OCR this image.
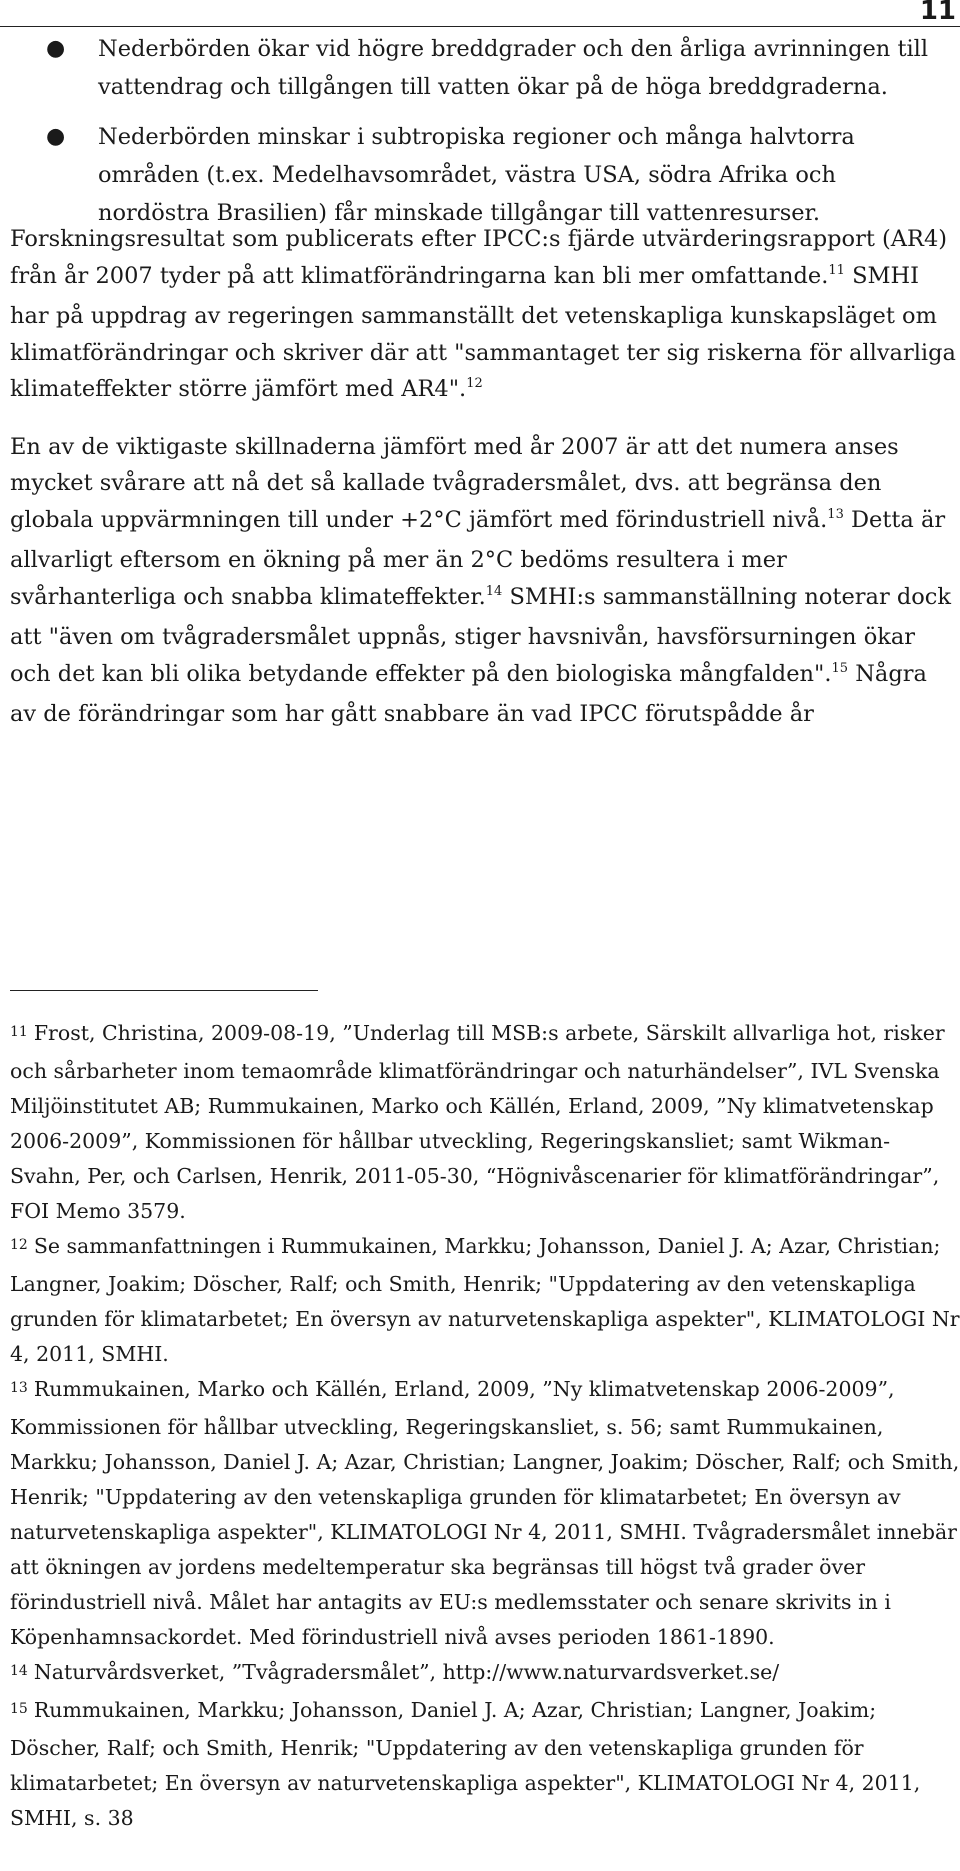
11
● Nederbörden ökar vid högre breddgrader och den årliga avrinningen till vattendrag och tillgången till vatten ökar på de höga breddgraderna.
● Nederbörden minskar i subtropiska regioner och många halvtorra områden (t.ex. Medelhavsområdet, västra USA, södra Afrika och nordöstra Brasilien) får minskade tillgångar till vattenresurser.

Forskningsresultat som publicerats efter IPCC:s fjärde utvärderingsrapport (AR4) från år 2007 tyder på att klimatförändringarna kan bli mer omfattande.$^{11}$ SMHI har på uppdrag av regeringen sammanställt det vetenskapliga kunskapsläget om klimatförändringar och skriver där att "sammantaget ter sig riskerna för allvarliga klimateffekter större jämfört med AR4".$^{12}$

En av de viktigaste skillnaderna jämfört med år 2007 är att det numera anses mycket svårare att nå det så kallade tvågradersmålet, dvs. att begränsa den globala uppvärmningen till under +2°C jämfört med förindustriell nivå.$^{13}$ Detta är allvarligt eftersom en ökning på mer än 2°C bedöms resultera i mer svårhanterliga och snabba klimateffekter.$^{14}$ SMHI:s sammanställning noterar dock att "även om tvågradersmålet uppnås, stiger havsnivån, havsförsurningen ökar och det kan bli olika betydande effekter på den biologiska mångfalden".$^{15}$ Några av de förändringar som har gått snabbare än vad IPCC förutspådde år

11 Frost, Christina, 2009-08-19, ”Underlag till MSB:s arbete, Särskilt allvarliga hot, risker och sårbarheter inom temaområde klimatförändringar och naturhändelser”, IVL Svenska Miljöinstitutet AB; Rummukainen, Marko och Källén, Erland, 2009, ”Ny klimatvetenskap 2006-2009”, Kommissionen för hållbar utveckling, Regeringskansliet; samt Wikman-Svahn, Per, och Carlsen, Henrik, 2011-05-30, “Högnivåscenarier för klimatförändringar”, FOI Memo 3579.

12 Se sammanfattningen i Rummukainen, Markku; Johansson, Daniel J. A; Azar, Christian; Langner, Joakim; Döscher, Ralf; och Smith, Henrik; "Uppdatering av den vetenskapliga grunden för klimatarbetet; En översyn av naturvetenskapliga aspekter", KLIMATOLOGI Nr 4, 2011, SMHI.

13 Rummukainen, Marko och Källén, Erland, 2009, ”Ny klimatvetenskap 2006-2009”, Kommissionen för hållbar utveckling, Regeringskansliet, s. 56; samt Rummukainen, Markku; Johansson, Daniel J. A; Azar, Christian; Langner, Joakim; Döscher, Ralf; och Smith, Henrik; "Uppdatering av den vetenskapliga grunden för klimatarbetet; En översyn av naturvetenskapliga aspekter", KLIMATOLOGI Nr 4, 2011, SMHI. Tvågradersmålet innebär att ökningen av jordens medeltemperatur ska begränsas till högst två grader över förindustriell nivå. Målet har antagits av EU:s medlemsstater och senare skrivits in i Köpenhamnsackordet. Med förindustriell nivå avses perioden 1861-1890.

14 Naturvårdsverket, ”Tvågradersmålet”, http://www.naturvardsverket.se/

15 Rummukainen, Markku; Johansson, Daniel J. A; Azar, Christian; Langner, Joakim; Döscher, Ralf; och Smith, Henrik; "Uppdatering av den vetenskapliga grunden för klimatarbetet; En översyn av naturvetenskapliga aspekter", KLIMATOLOGI Nr 4, 2011, SMHI, s. 38
